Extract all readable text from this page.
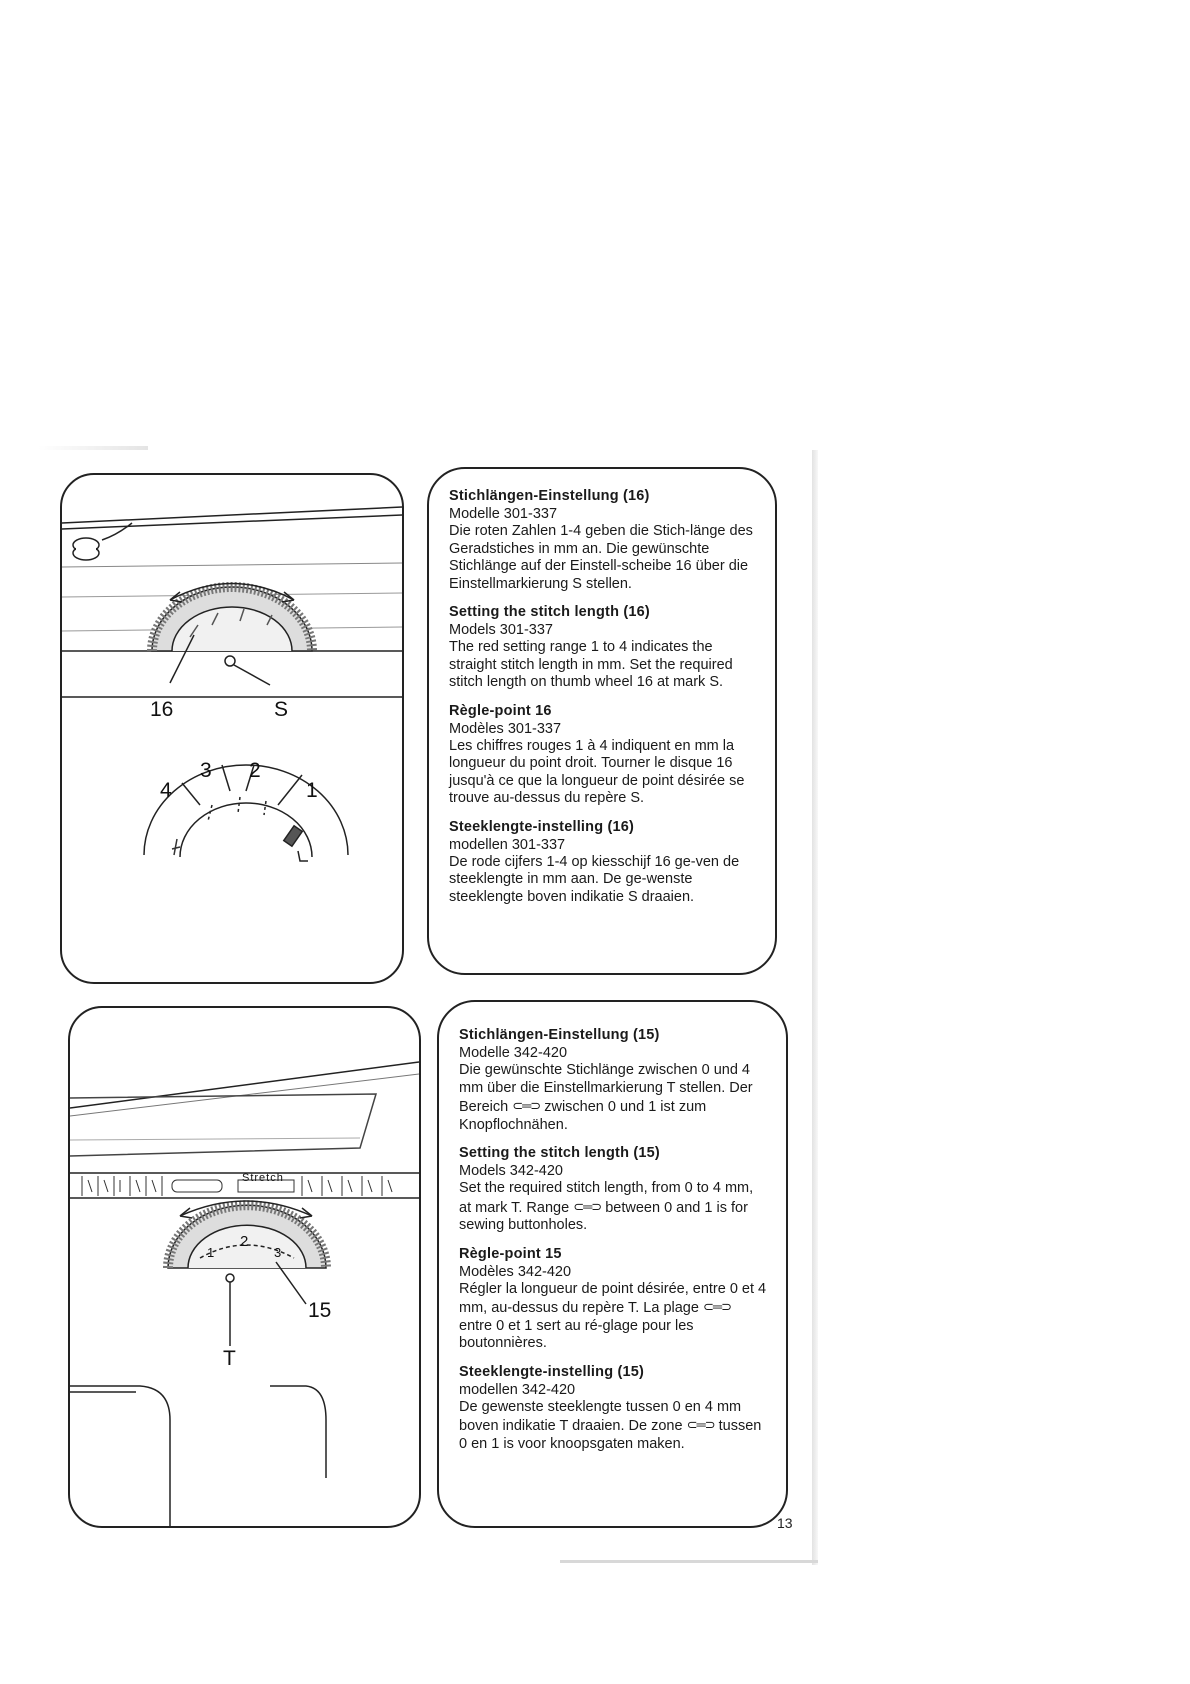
16	S
4
3 2
1
Stretch
2
1	3
15
T
Stichlängen-Einstellung (16)
Modelle 301-337
Die roten Zahlen 1-4 geben die Stich-länge des Geradstiches in mm an. Die gewünschte Stichlänge auf der Einstell-scheibe 16 über die Einstellmarkierung S stellen.
Setting the stitch length (16)
Models 301-337
The red setting range 1 to 4 indicates the straight stitch length in mm. Set the required stitch length on thumb wheel 16 at mark S.
Règle-point 16
Modèles 301-337
Les chiffres rouges 1 à 4 indiquent en mm la longueur du point droit. Tourner le disque 16 jusqu'à ce que la longueur de point désirée se trouve au-dessus du repère S.
Steeklengte-instelling (16)
modellen 301-337
De rode cijfers 1-4 op kiesschijf 16 ge-ven de steeklengte in mm aan. De ge-wenste steeklengte boven indikatie S draaien.
Stichlängen-Einstellung (15)
Modelle 342-420
Die gewünschte Stichlänge zwischen 0 und 4 mm über die Einstellmarkierung T stellen. Der Bereich ⊂═⊃ zwischen 0 und 1 ist zum Knopflochnähen.
Setting the stitch length (15)
Models 342-420
Set the required stitch length, from 0 to 4 mm, at mark T. Range ⊂═⊃ between 0 and 1 is for sewing buttonholes.
Règle-point 15
Modèles 342-420
Régler la longueur de point désirée, entre 0 et 4 mm, au-dessus du repère T. La plage ⊂═⊃ entre 0 et 1 sert au ré-glage pour les boutonnières.
Steeklengte-instelling (15)
modellen 342-420
De gewenste steeklengte tussen 0 en 4 mm boven indikatie T draaien. De zone ⊂═⊃ tussen 0 en 1 is voor knoopsgaten maken.
13
